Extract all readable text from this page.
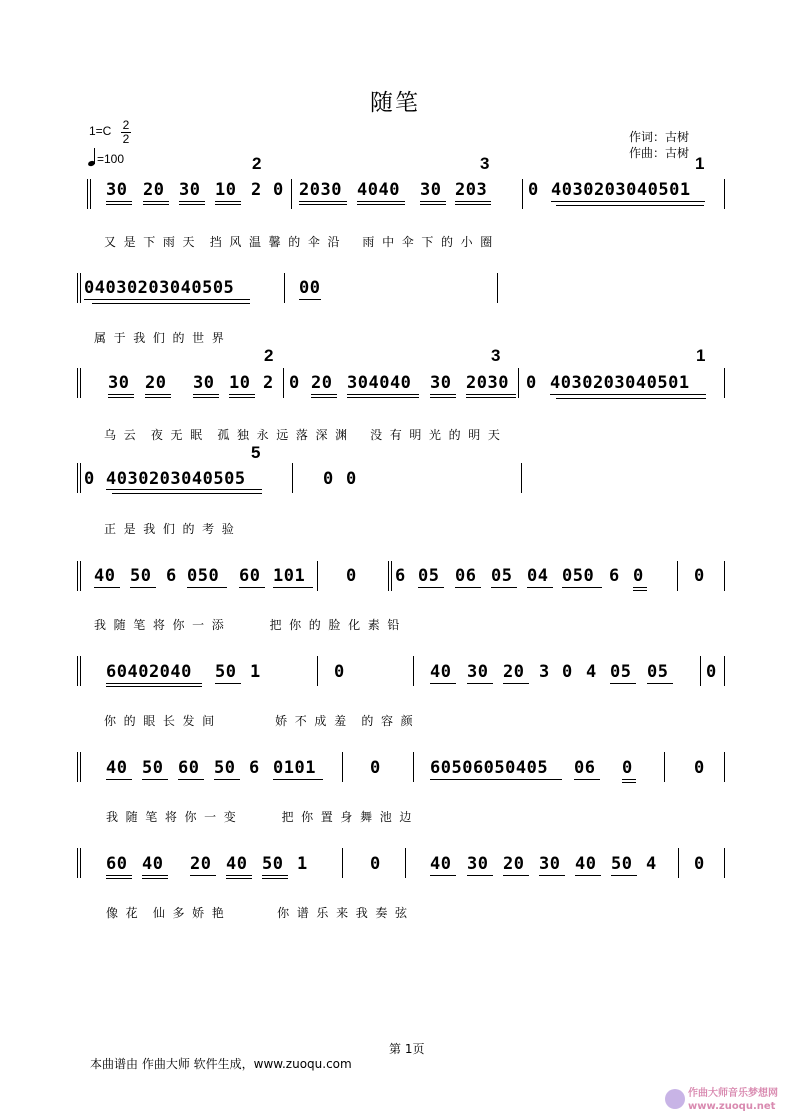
随笔
1=C 2
2
=100
作词：古树
作曲：古树
30 20 30 10 2 0 2030 4040 30 203 0 4030203040501
2	3	1
又  是  下  雨  天    挡  风  温  馨  的  伞  沿      雨  中  伞  下  的  小  圈
04030203040505	00
属  于  我  们  的  世  界
30 20 30 10 2 0 20 304040 30 2030 0 4030203040501
2	3	1
乌  云    夜  无  眠    孤  独  永  远  落  深  渊      没  有  明  光  的  明  天
0 4030203040505	0 0
5
正  是  我  们  的  考  验
40 50 6 050 60 101 0 6 05 06 05 04 050 6 0	0
我  随  笔  将  你  一  添            把  你  的  脸  化  素  铅
60402040 50 1	0	40 30 20 3 0 4 05 05 0
你  的  眼  长  发  间                娇  不  成  羞    的  容  颜
40 50 60 50 6 0101	0	60506050405 06 0	0
我  随  笔  将  你  一  变            把  你  置  身  舞  池  边
60 40 20 40 50 1	0	40 30 20 30 40 50 4 0
像  花    仙  多  娇  艳              你  谱  乐  来  我  奏  弦
第 1页
本曲谱由 作曲大师 软件生成，www.zuoqu.com
作曲大师音乐梦想网
www.zuoqu.net
